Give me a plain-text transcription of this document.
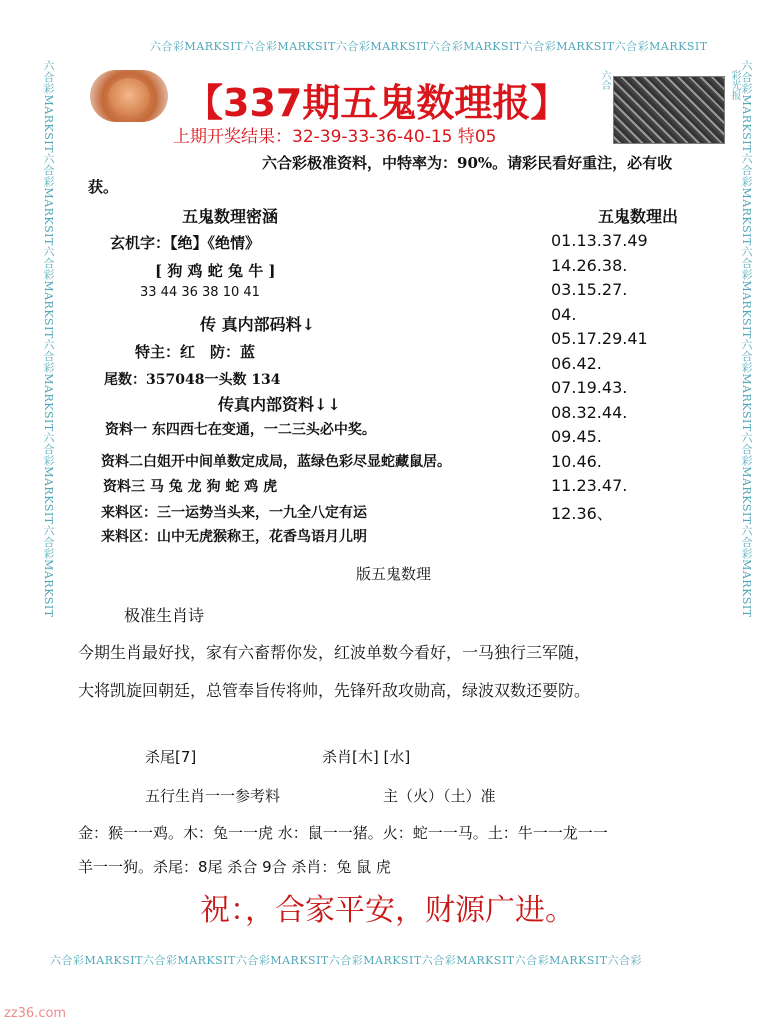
六合彩MARKSIT六合彩MARKSIT六合彩MARKSIT六合彩MARKSIT六合彩MARKSIT六合彩MARKSIT
六合彩MARKSIT六合彩MARKSIT六合彩MARKSIT六合彩MARKSIT六合彩MARKSIT六合彩MARKSIT	六合彩MARKSIT六合彩MARKSIT六合彩MARKSIT六合彩MARKSIT六合彩MARKSIT六合彩MARKSIT
六合彩MARKSIT六合彩MARKSIT六合彩MARKSIT六合彩MARKSIT六合彩MARKSIT六合彩MARKSIT六合彩
【337期五鬼数理报】
六合	彩光报
上期开奖结果：32-39-33-36-40-15 特05
六合彩极准资料，中特率为：90%。请彩民看好重注，必有收
获。
五鬼数理密涵
玄机字：【绝】《绝情》
[ 狗 鸡 蛇 兔 牛 ]
33 44 36 38 10 41
传 真内部码料↓
特主：红　防：蓝
尾数：357048一头数 134
传真内部资料↓↓
资料一 东四西七在变通，一二三头必中奖。
资料二白姐开中间单数定成局，蓝绿色彩尽显蛇藏鼠居。
资料三 马 兔 龙 狗 蛇 鸡 虎
来料区：三一运势当头来，一九全八定有运
来料区：山中无虎猴称王，花香鸟语月儿明
五鬼数理出
01.13.37.49
14.26.38.
03.15.27.
04.
05.17.29.41
06.42.
07.19.43.
08.32.44.
09.45.
10.46.
11.23.47.
12.36、
版五鬼数理
极准生肖诗
今期生肖最好找，家有六畜帮你发，红波单数今看好，一马独行三军随，
大将凯旋回朝廷，总管奉旨传将帅，先锋歼敌攻勋高，绿波双数还要防。
杀尾[7]	杀肖[木] [水]
五行生肖一一参考料	主（火）（土）准
金：猴一一鸡。木：兔一一虎 水：鼠一一猪。火：蛇一一马。土：牛一一龙一一
羊一一狗。杀尾：8尾 杀合 9合 杀肖：兔 鼠 虎
祝：，合家平安，财源广进。
zz36.com
